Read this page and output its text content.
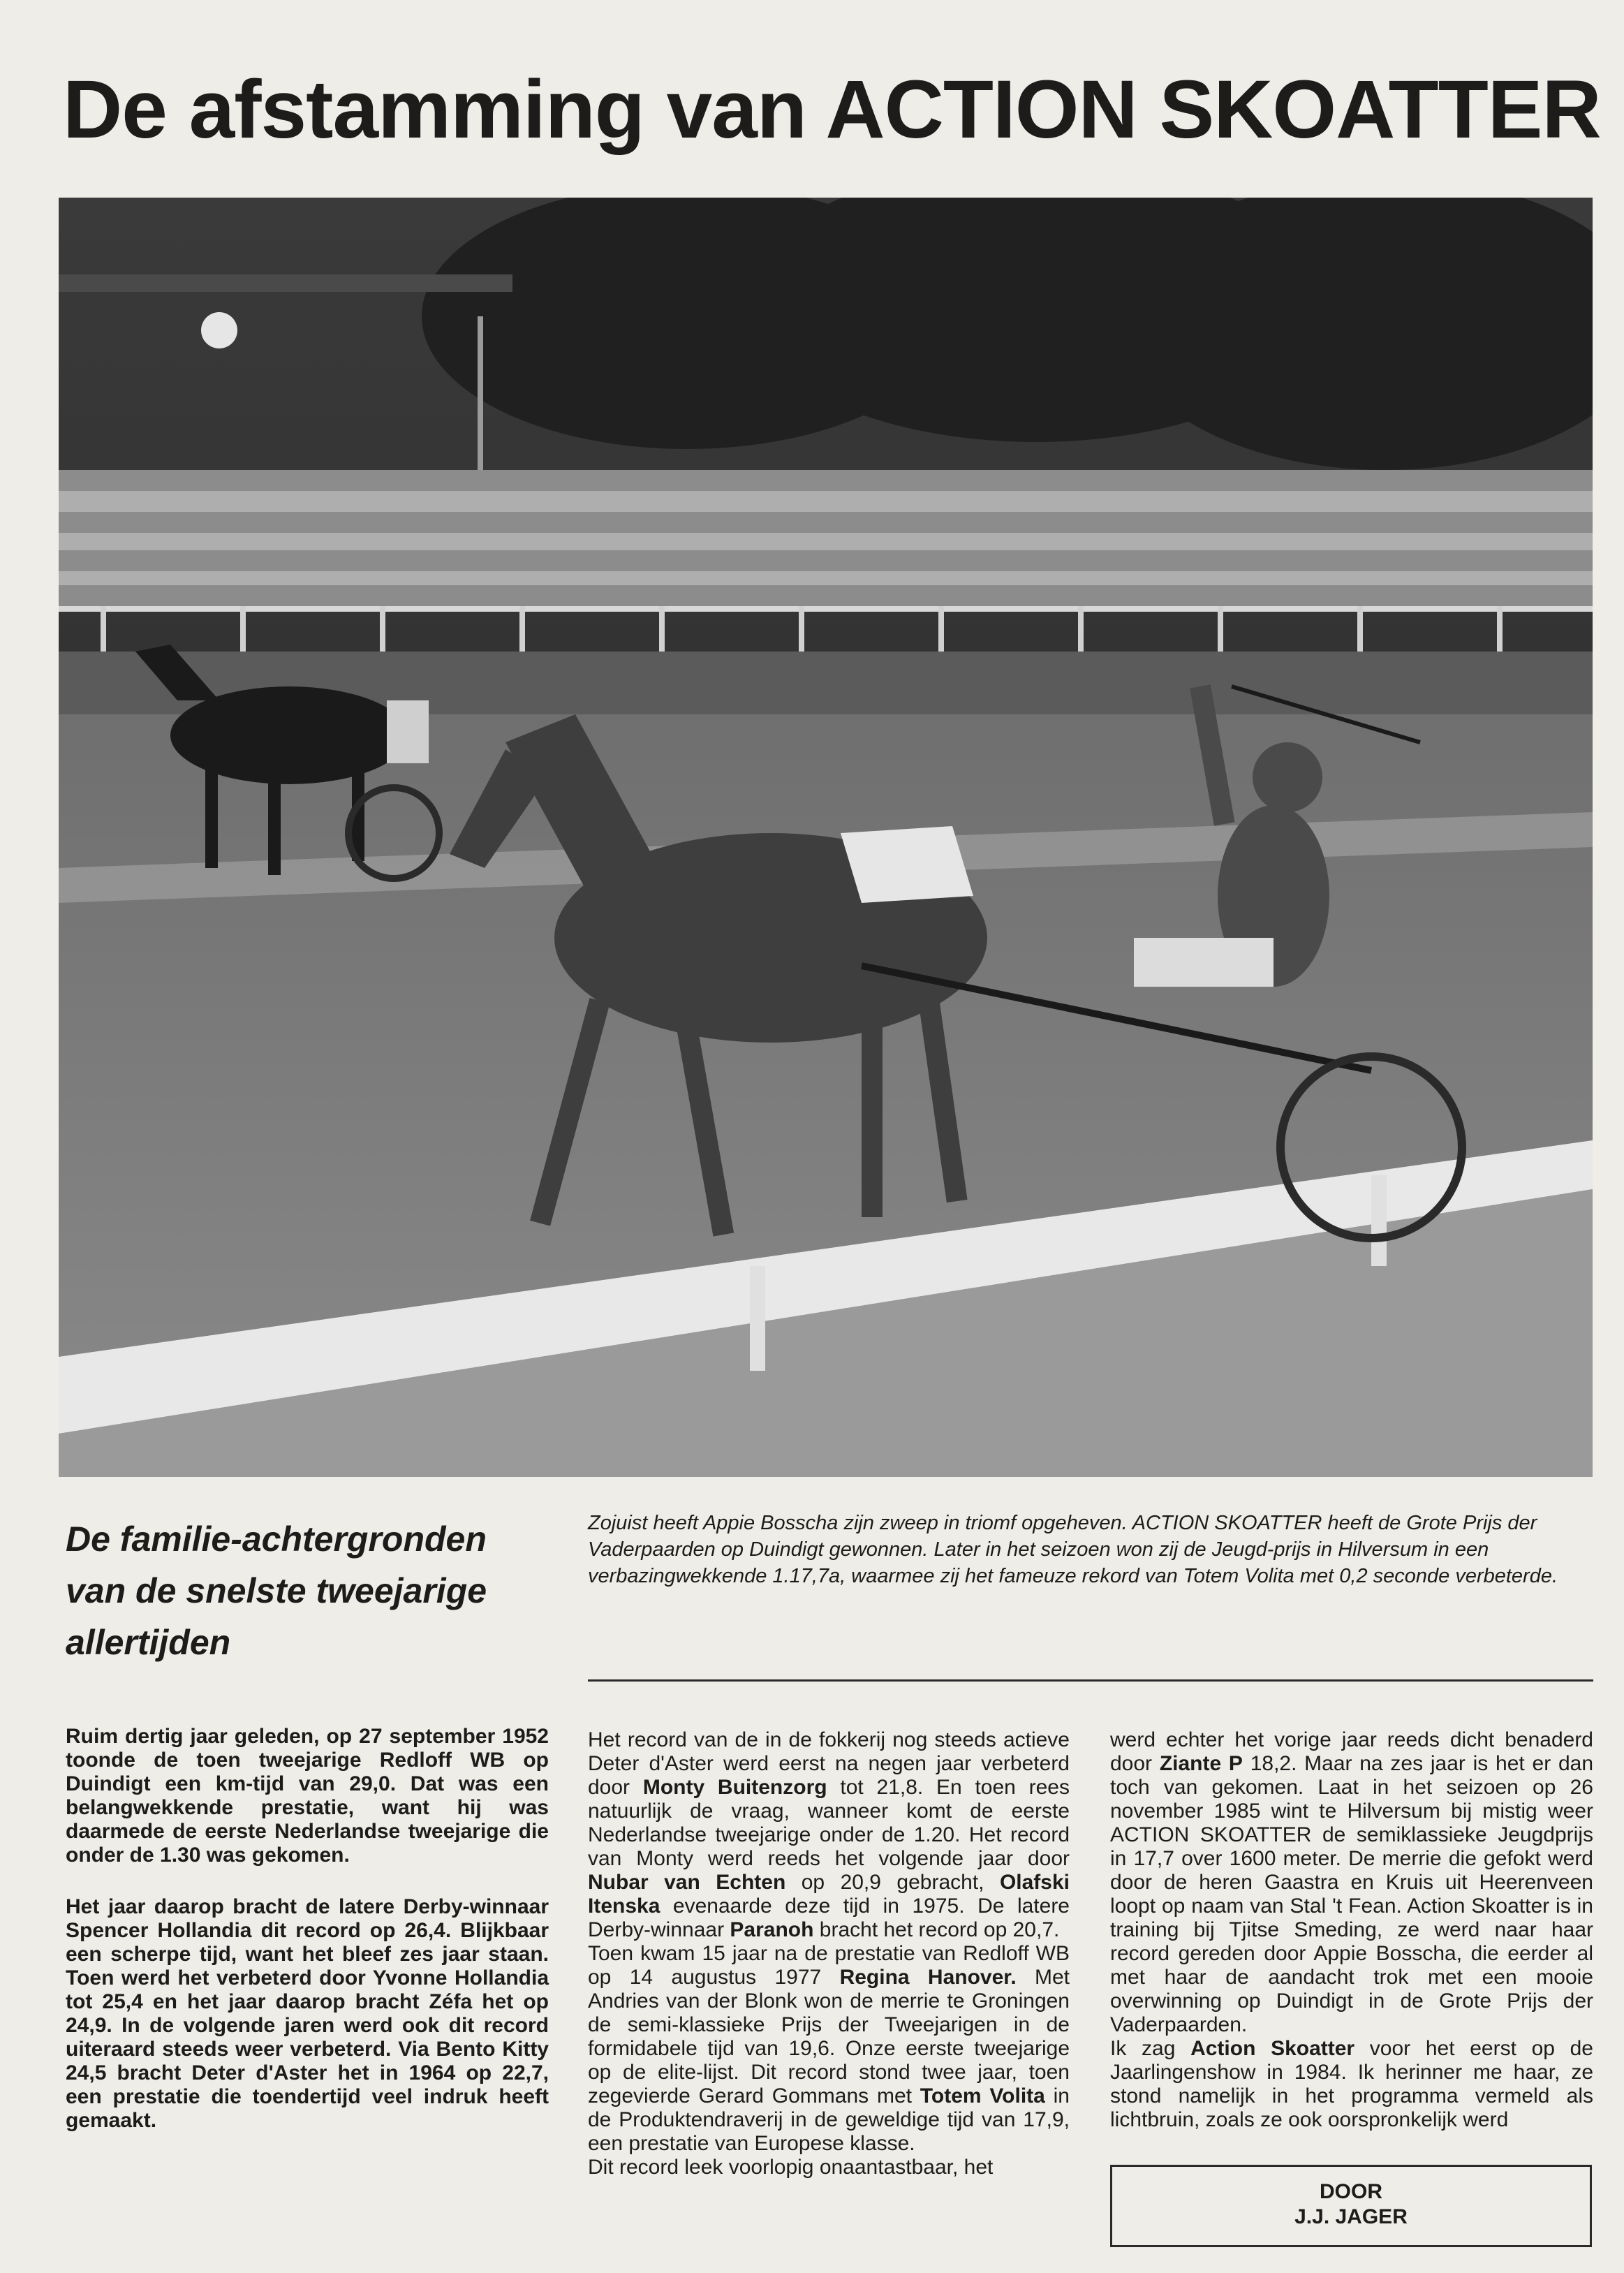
De afstamming van ACTION SKOATTER
De familie-achtergronden van de snelste tweejarige allertijden
Zojuist heeft Appie Bosscha zijn zweep in triomf opgeheven. ACTION SKOATTER heeft de Grote Prijs der Vaderpaarden op Duindigt gewonnen. Later in het seizoen won zij de Jeugd-prijs in Hilversum in een verbazingwekkende 1.17,7a, waarmee zij het fameuze rekord van Totem Volita met 0,2 seconde verbeterde.

Ruim dertig jaar geleden, op 27 september 1952 toonde de toen tweejarige Redloff WB op Duindigt een km-tijd van 29,0. Dat was een belangwekkende prestatie, want hij was daarmede de eerste Nederlandse tweejarige die onder de 1.30 was gekomen.

Het jaar daarop bracht de latere Derby-winnaar Spencer Hollandia dit record op 26,4. Blijkbaar een scherpe tijd, want het bleef zes jaar staan. Toen werd het verbeterd door Yvonne Hollandia tot 25,4 en het jaar daarop bracht Zéfa het op 24,9. In de volgende jaren werd ook dit record uiteraard steeds weer verbeterd. Via Bento Kitty 24,5 bracht Deter d'Aster het in 1964 op 22,7, een prestatie die toendertijd veel indruk heeft gemaakt.

Het record van de in de fokkerij nog steeds actieve Deter d'Aster werd eerst na negen jaar verbeterd door Monty Buitenzorg tot 21,8. En toen rees natuurlijk de vraag, wanneer komt de eerste Nederlandse tweejarige onder de 1.20. Het record van Monty werd reeds het volgende jaar door Nubar van Echten op 20,9 gebracht, Olafski Itenska evenaarde deze tijd in 1975. De latere Derby-winnaar Paranoh bracht het record op 20,7.

Toen kwam 15 jaar na de prestatie van Redloff WB op 14 augustus 1977 Regina Hanover. Met Andries van der Blonk won de merrie te Groningen de semi-klassieke Prijs der Tweejarigen in de formidabele tijd van 19,6. Onze eerste tweejarige op de elite-lijst. Dit record stond twee jaar, toen zegevierde Gerard Gommans met Totem Volita in de Produktendraverij in de geweldige tijd van 17,9, een prestatie van Europese klasse.

Dit record leek voorlopig onaantastbaar, het

werd echter het vorige jaar reeds dicht benaderd door Ziante P 18,2. Maar na zes jaar is het er dan toch van gekomen. Laat in het seizoen op 26 november 1985 wint te Hilversum bij mistig weer ACTION SKOATTER de semiklassieke Jeugdprijs in 17,7 over 1600 meter. De merrie die gefokt werd door de heren Gaastra en Kruis uit Heerenveen loopt op naam van Stal 't Fean. Action Skoatter is in training bij Tjitse Smeding, ze werd naar haar record gereden door Appie Bosscha, die eerder al met haar de aandacht trok met een mooie overwinning op Duindigt in de Grote Prijs der Vaderpaarden.

Ik zag Action Skoatter voor het eerst op de Jaarlingenshow in 1984. Ik herinner me haar, ze stond namelijk in het programma vermeld als lichtbruin, zoals ze ook oorspronkelijk werd

DOOR
J.J. JAGER
